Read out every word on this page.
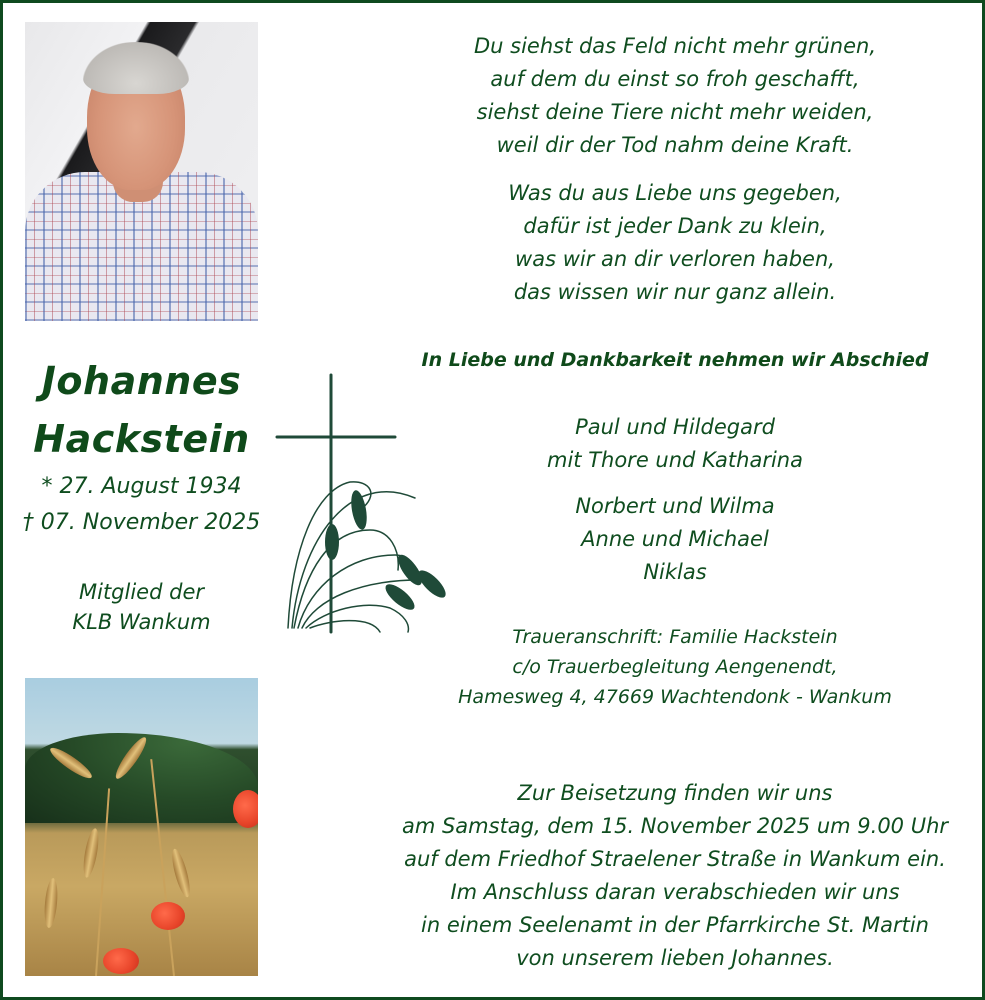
Johannes
Hackstein
* 27. August 1934
† 07. November 2025
Mitglied der
KLB Wankum
Du siehst das Feld nicht mehr grünen,
auf dem du einst so froh geschafft,
siehst deine Tiere nicht mehr weiden,
weil dir der Tod nahm deine Kraft.
Was du aus Liebe uns gegeben,
dafür ist jeder Dank zu klein,
was wir an dir verloren haben,
das wissen wir nur ganz allein.
In Liebe und Dankbarkeit nehmen wir Abschied
Paul und Hildegard
mit Thore und Katharina
Norbert und Wilma
Anne und Michael
Niklas
Traueranschrift: Familie Hackstein
c/o Trauerbegleitung Aengenendt,
Hamesweg 4, 47669 Wachtendonk - Wankum
Zur Beisetzung finden wir uns
am Samstag, dem 15. November 2025 um 9.00 Uhr
auf dem Friedhof Straelener Straße in Wankum ein.
Im Anschluss daran verabschieden wir uns
in einem Seelenamt in der Pfarrkirche St. Martin
von unserem lieben Johannes.
